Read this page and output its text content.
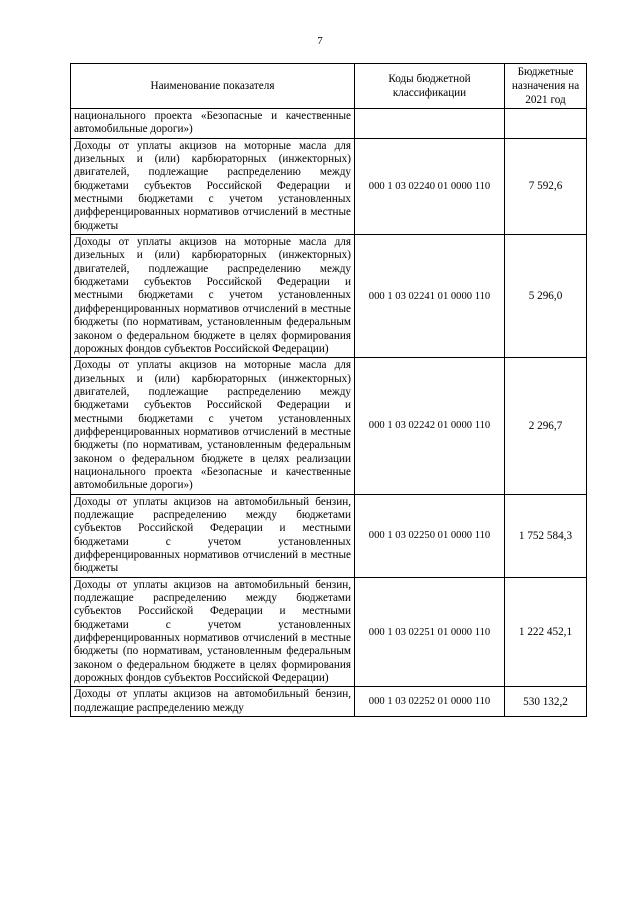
7
Наименование показателя	Коды бюджетной классификации	Бюджетные назначения на 2021 год
национального проекта «Безопасные и качественные автомобильные дороги»)		
Доходы от уплаты акцизов на моторные масла для дизельных и (или) карбюраторных (инжекторных) двигателей, подлежащие распределению между бюджетами субъектов Российской Федерации и местными бюджетами с учетом установленных дифференцированных нормативов отчислений в местные бюджеты	000 1 03 02240 01 0000 110	7 592,6
Доходы от уплаты акцизов на моторные масла для дизельных и (или) карбюраторных (инжекторных) двигателей, подлежащие распределению между бюджетами субъектов Российской Федерации и местными бюджетами с учетом установленных дифференцированных нормативов отчислений в местные бюджеты (по нормативам, установленным федеральным законом о федеральном бюджете в целях формирования дорожных фондов субъектов Российской Федерации)	000 1 03 02241 01 0000 110	5 296,0
Доходы от уплаты акцизов на моторные масла для дизельных и (или) карбюраторных (инжекторных) двигателей, подлежащие распределению между бюджетами субъектов Российской Федерации и местными бюджетами с учетом установленных дифференцированных нормативов отчислений в местные бюджеты (по нормативам, установленным федеральным законом о федеральном бюджете в целях реализации национального проекта «Безопасные и качественные автомобильные дороги»)	000 1 03 02242 01 0000 110	2 296,7
Доходы от уплаты акцизов на автомобильный бензин, подлежащие распределению между бюджетами субъектов Российской Федерации и местными бюджетами с учетом установленных дифференцированных нормативов отчислений в местные бюджеты	000 1 03 02250 01 0000 110	1 752 584,3
Доходы от уплаты акцизов на автомобильный бензин, подлежащие распределению между бюджетами субъектов Российской Федерации и местными бюджетами с учетом установленных дифференцированных нормативов отчислений в местные бюджеты (по нормативам, установленным федеральным законом о федеральном бюджете в целях формирования дорожных фондов субъектов Российской Федерации)	000 1 03 02251 01 0000 110	1 222 452,1
Доходы от уплаты акцизов на автомобильный бензин, подлежащие распределению между	000 1 03 02252 01 0000 110	530 132,2
